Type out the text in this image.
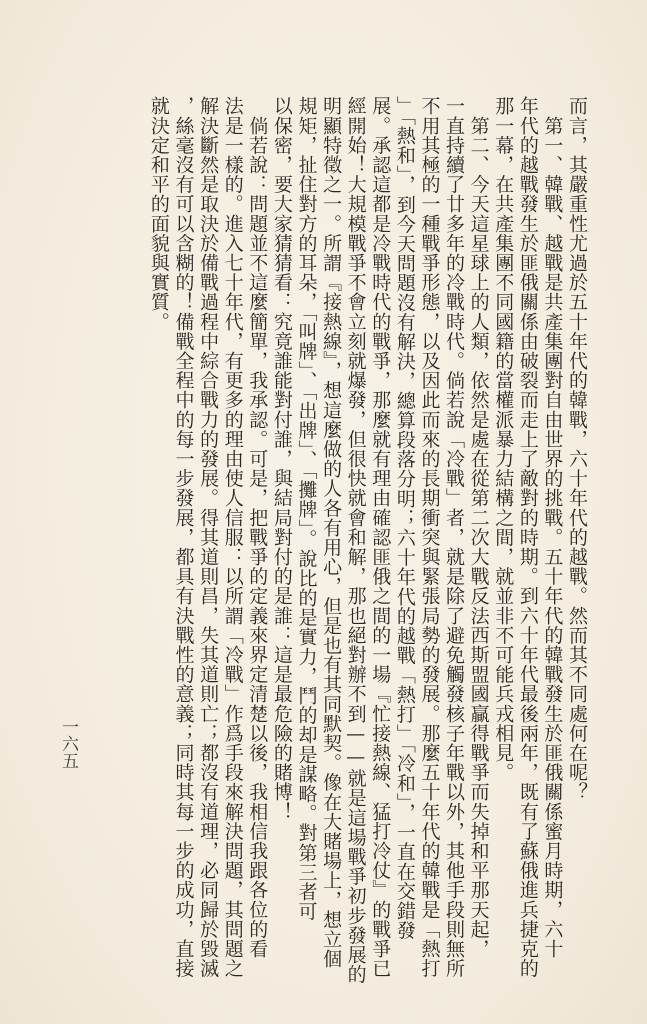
而言，其嚴重性尤過於五十年代的韓戰，六十年代的越戰。然而其不同處何在呢？
　第一、韓戰、越戰是共產集團對自由世界的挑戰。五十年代的韓戰發生於匪俄關係蜜月時期，六十
年代的越戰發生於匪俄關係由破裂而走上了敵對的時期。到六十年代最後兩年，既有了蘇俄進兵捷克的
那一幕，在共產集團不同國籍的當權派暴力結構之間，就並非不可能兵戎相見。
　第二、今天這星球上的人類，依然是處在從第二次大戰反法西斯盟國贏得戰爭而失掉和平那天起，
一直持續了廿多年的冷戰時代。倘若說「冷戰」者，就是除了避免觸發核子年戰以外，其他手段則無所
不用其極的一種戰爭形態，以及因此而來的長期衝突與緊張局勢的發展。那麼五十年代的韓戰是「熱打
」「熱和」，到今天問題沒有解決，總算段落分明；六十年代的越戰「熱打」「冷和」，一直在交錯發
展。承認這都是冷戰時代的戰爭，那麼就有理由確認匪俄之間的一場『忙接熱線、猛打冷仗』的戰爭已
經開始！大規模戰爭不會立刻就爆發，但很快就會和解，那也絕對辦不到——就是這場戰爭初步發展的
明顯特徵之一。所謂『接熱線』，想這麼做的人各有用心，但是也有其同默契。像在大賭場上，想立個
規矩，扯住對方的耳朵，「叫牌」、「出牌」、「攤牌」。說比的是實力，鬥的却是謀略。對第三者可
以保密，要大家猜猜看：究竟誰能對付誰，與結局對付的是誰：這是最危險的賭博！
　倘若說：問題並不這麼簡單，我承認。可是，把戰爭的定義來界定清楚以後，我相信我跟各位的看
法是一樣的。進入七十年代，有更多的理由使人信服：以所謂「冷戰」作爲手段來解決問題，其問題之
解決斷然是取決於備戰過程中綜合戰力的發展。得其道則昌，失其道則亡；都沒有道理，必同歸於毀滅
，絲毫沒有可以含糊的！備戰全程中的每一步發展，都具有決戰性的意義；同時其每一步的成功，直接
就決定和平的面貌與實質。
一六五
